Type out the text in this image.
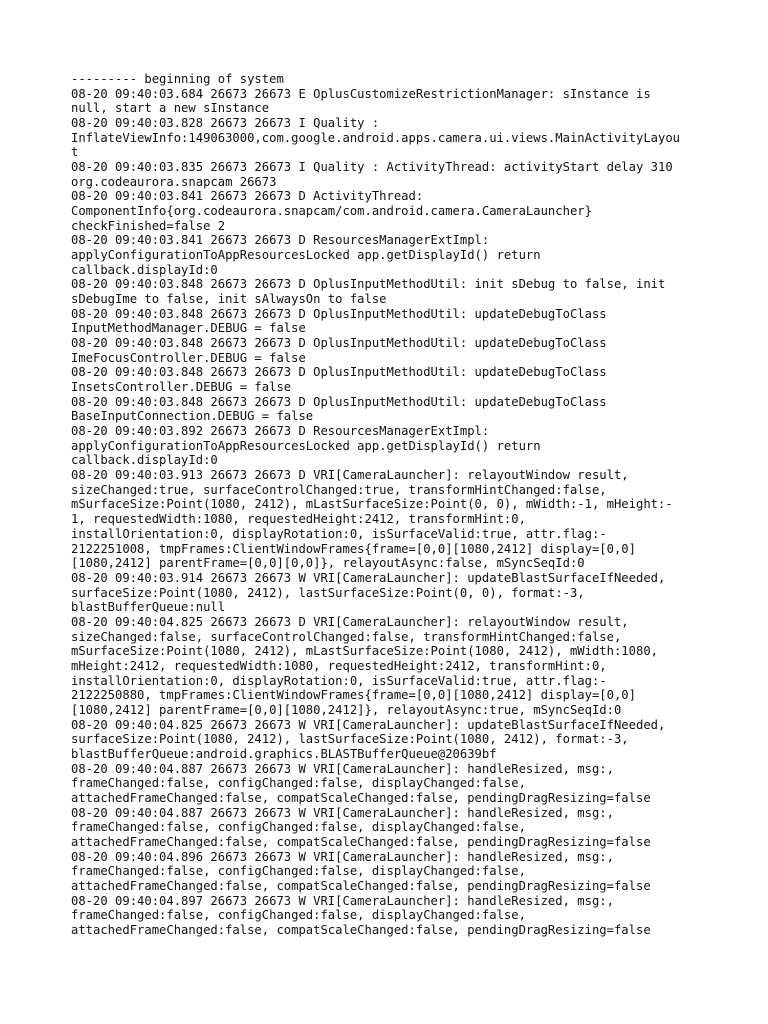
--------- beginning of system
08-20 09:40:03.684 26673 26673 E OplusCustomizeRestrictionManager: sInstance is
null, start a new sInstance
08-20 09:40:03.828 26673 26673 I Quality :
InflateViewInfo:149063000,com.google.android.apps.camera.ui.views.MainActivityLayou
t
08-20 09:40:03.835 26673 26673 I Quality : ActivityThread: activityStart delay 310
org.codeaurora.snapcam 26673
08-20 09:40:03.841 26673 26673 D ActivityThread:
ComponentInfo{org.codeaurora.snapcam/com.android.camera.CameraLauncher}
checkFinished=false 2
08-20 09:40:03.841 26673 26673 D ResourcesManagerExtImpl:
applyConfigurationToAppResourcesLocked app.getDisplayId() return
callback.displayId:0
08-20 09:40:03.848 26673 26673 D OplusInputMethodUtil: init sDebug to false, init
sDebugIme to false, init sAlwaysOn to false
08-20 09:40:03.848 26673 26673 D OplusInputMethodUtil: updateDebugToClass
InputMethodManager.DEBUG = false
08-20 09:40:03.848 26673 26673 D OplusInputMethodUtil: updateDebugToClass
ImeFocusController.DEBUG = false
08-20 09:40:03.848 26673 26673 D OplusInputMethodUtil: updateDebugToClass
InsetsController.DEBUG = false
08-20 09:40:03.848 26673 26673 D OplusInputMethodUtil: updateDebugToClass
BaseInputConnection.DEBUG = false
08-20 09:40:03.892 26673 26673 D ResourcesManagerExtImpl:
applyConfigurationToAppResourcesLocked app.getDisplayId() return
callback.displayId:0
08-20 09:40:03.913 26673 26673 D VRI[CameraLauncher]: relayoutWindow result,
sizeChanged:true, surfaceControlChanged:true, transformHintChanged:false,
mSurfaceSize:Point(1080, 2412), mLastSurfaceSize:Point(0, 0), mWidth:-1, mHeight:-
1, requestedWidth:1080, requestedHeight:2412, transformHint:0,
installOrientation:0, displayRotation:0, isSurfaceValid:true, attr.flag:-
2122251008, tmpFrames:ClientWindowFrames{frame=[0,0][1080,2412] display=[0,0]
[1080,2412] parentFrame=[0,0][0,0]}, relayoutAsync:false, mSyncSeqId:0
08-20 09:40:03.914 26673 26673 W VRI[CameraLauncher]: updateBlastSurfaceIfNeeded,
surfaceSize:Point(1080, 2412), lastSurfaceSize:Point(0, 0), format:-3,
blastBufferQueue:null
08-20 09:40:04.825 26673 26673 D VRI[CameraLauncher]: relayoutWindow result,
sizeChanged:false, surfaceControlChanged:false, transformHintChanged:false,
mSurfaceSize:Point(1080, 2412), mLastSurfaceSize:Point(1080, 2412), mWidth:1080,
mHeight:2412, requestedWidth:1080, requestedHeight:2412, transformHint:0,
installOrientation:0, displayRotation:0, isSurfaceValid:true, attr.flag:-
2122250880, tmpFrames:ClientWindowFrames{frame=[0,0][1080,2412] display=[0,0]
[1080,2412] parentFrame=[0,0][1080,2412]}, relayoutAsync:true, mSyncSeqId:0
08-20 09:40:04.825 26673 26673 W VRI[CameraLauncher]: updateBlastSurfaceIfNeeded,
surfaceSize:Point(1080, 2412), lastSurfaceSize:Point(1080, 2412), format:-3,
blastBufferQueue:android.graphics.BLASTBufferQueue@20639bf
08-20 09:40:04.887 26673 26673 W VRI[CameraLauncher]: handleResized, msg:,
frameChanged:false, configChanged:false, displayChanged:false,
attachedFrameChanged:false, compatScaleChanged:false, pendingDragResizing=false
08-20 09:40:04.887 26673 26673 W VRI[CameraLauncher]: handleResized, msg:,
frameChanged:false, configChanged:false, displayChanged:false,
attachedFrameChanged:false, compatScaleChanged:false, pendingDragResizing=false
08-20 09:40:04.896 26673 26673 W VRI[CameraLauncher]: handleResized, msg:,
frameChanged:false, configChanged:false, displayChanged:false,
attachedFrameChanged:false, compatScaleChanged:false, pendingDragResizing=false
08-20 09:40:04.897 26673 26673 W VRI[CameraLauncher]: handleResized, msg:,
frameChanged:false, configChanged:false, displayChanged:false,
attachedFrameChanged:false, compatScaleChanged:false, pendingDragResizing=false
